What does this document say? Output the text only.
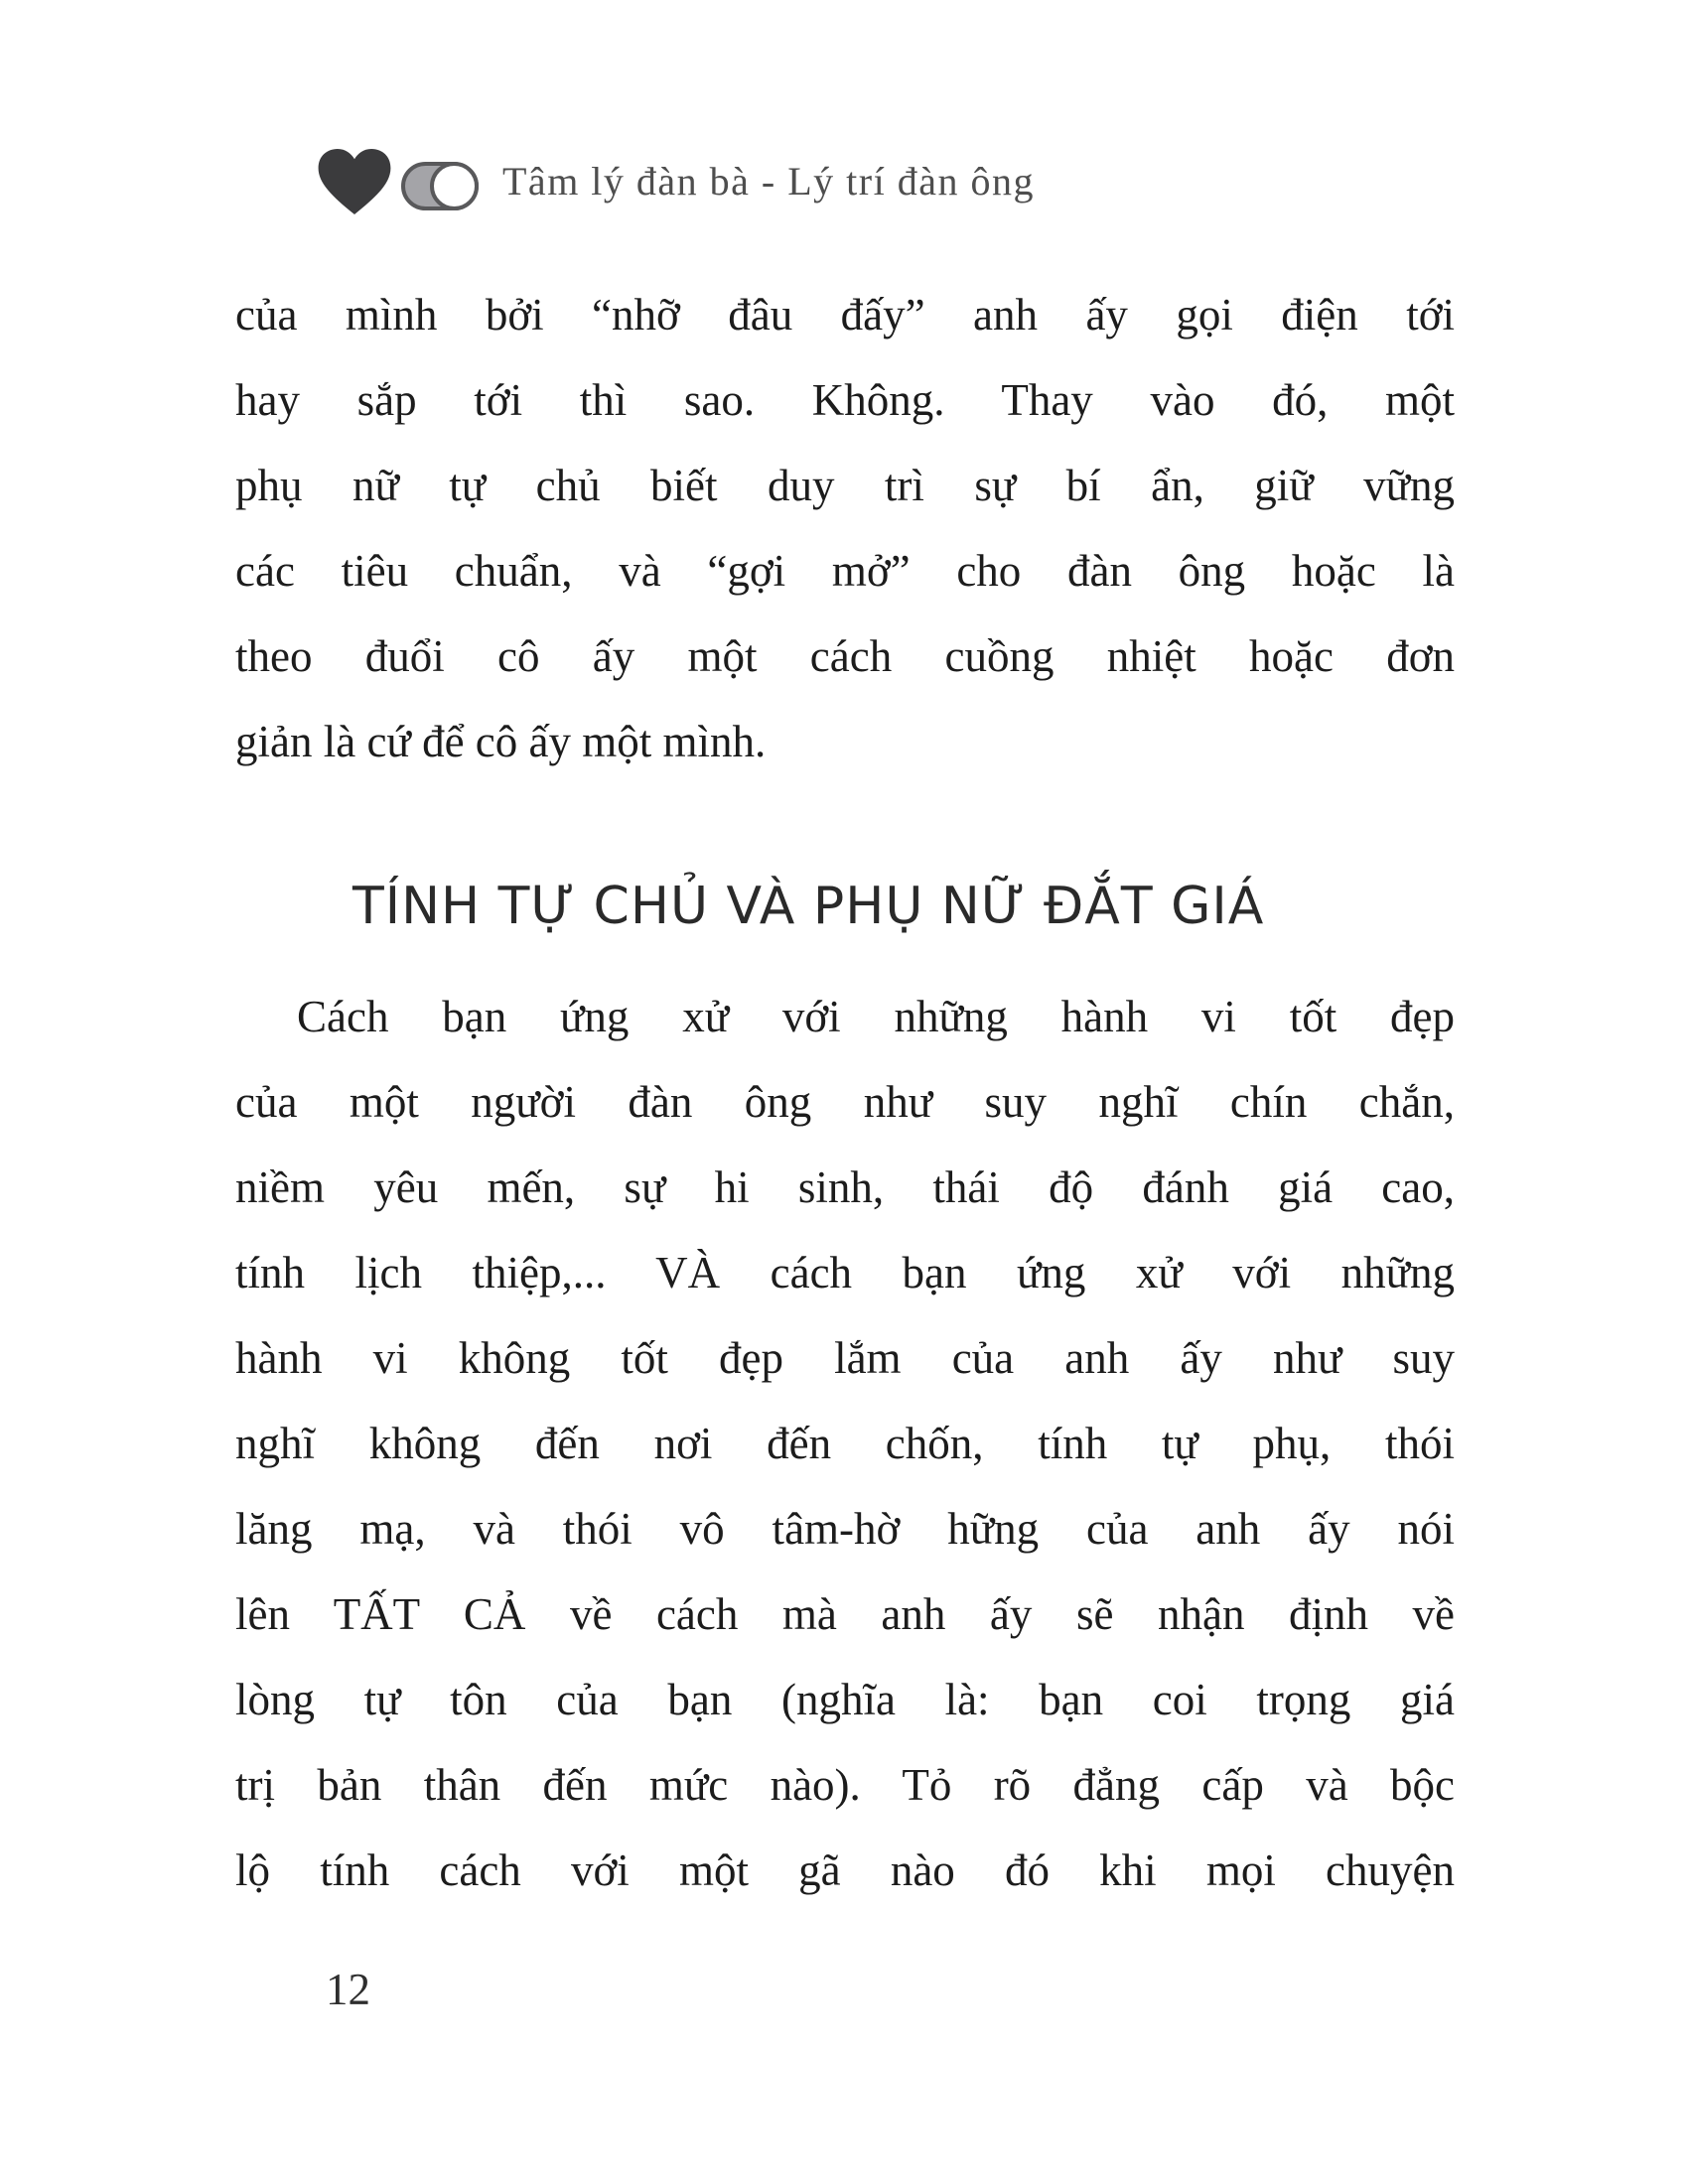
Tâm lý đàn bà - Lý trí đàn ông
của mình bởi “nhỡ đâu đấy” anh ấy gọi điện tới
hay sắp tới thì sao. Không. Thay vào đó, một
phụ nữ tự chủ biết duy trì sự bí ẩn, giữ vững
các tiêu chuẩn, và “gợi mở” cho đàn ông hoặc là
theo đuổi cô ấy một cách cuồng nhiệt hoặc đơn
giản là cứ để cô ấy một mình.
TÍNH TỰ CHỦ VÀ PHỤ NỮ ĐẮT GIÁ
Cách bạn ứng xử với những hành vi tốt đẹp
của một người đàn ông như suy nghĩ chín chắn,
niềm yêu mến, sự hi sinh, thái độ đánh giá cao,
tính lịch thiệp,... VÀ cách bạn ứng xử với những
hành vi không tốt đẹp lắm của anh ấy như suy
nghĩ không đến nơi đến chốn, tính tự phụ, thói
lăng mạ, và thói vô tâm-hờ hững của anh ấy nói
lên TẤT CẢ về cách mà anh ấy sẽ nhận định về
lòng tự tôn của bạn (nghĩa là: bạn coi trọng giá
trị bản thân đến mức nào). Tỏ rõ đẳng cấp và bộc
lộ tính cách với một gã nào đó khi mọi chuyện
12
